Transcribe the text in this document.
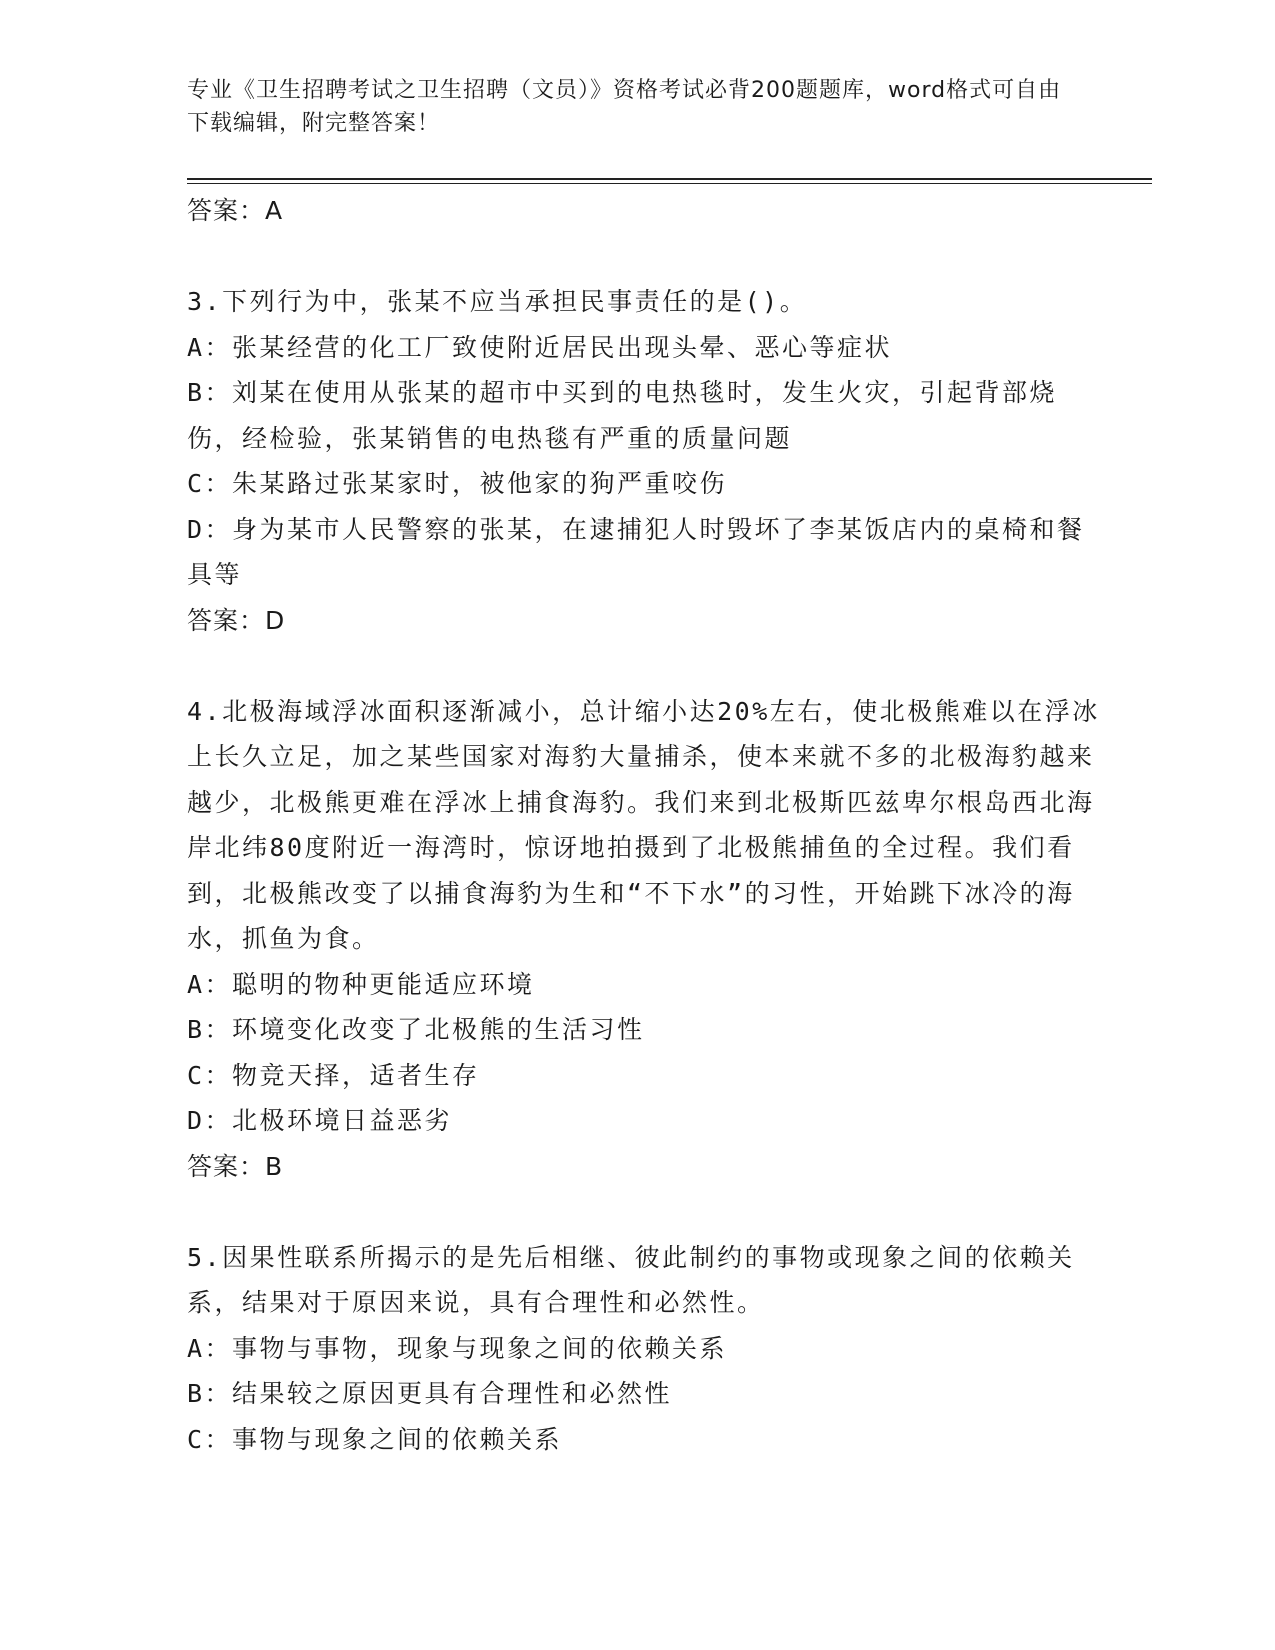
专业《卫生招聘考试之卫生招聘（文员）》资格考试必背200题题库，word格式可自由下载编辑，附完整答案！

答案：A

3.下列行为中，张某不应当承担民事责任的是()。

A：张某经营的化工厂致使附近居民出现头晕、恶心等症状

B：刘某在使用从张某的超市中买到的电热毯时，发生火灾，引起背部烧伤，经检验，张某销售的电热毯有严重的质量问题

C：朱某路过张某家时，被他家的狗严重咬伤

D：身为某市人民警察的张某，在逮捕犯人时毁坏了李某饭店内的桌椅和餐具等

答案：D

4.北极海域浮冰面积逐渐减小，总计缩小达20%左右，使北极熊难以在浮冰上长久立足，加之某些国家对海豹大量捕杀，使本来就不多的北极海豹越来越少，北极熊更难在浮冰上捕食海豹。我们来到北极斯匹兹卑尔根岛西北海岸北纬80度附近一海湾时，惊讶地拍摄到了北极熊捕鱼的全过程。我们看到，北极熊改变了以捕食海豹为生和“不下水”的习性，开始跳下冰冷的海水，抓鱼为食。

A：聪明的物种更能适应环境

B：环境变化改变了北极熊的生活习性

C：物竞天择，适者生存

D：北极环境日益恶劣

答案：B

5.因果性联系所揭示的是先后相继、彼此制约的事物或现象之间的依赖关系，结果对于原因来说，具有合理性和必然性。

A：事物与事物，现象与现象之间的依赖关系

B：结果较之原因更具有合理性和必然性

C：事物与现象之间的依赖关系
